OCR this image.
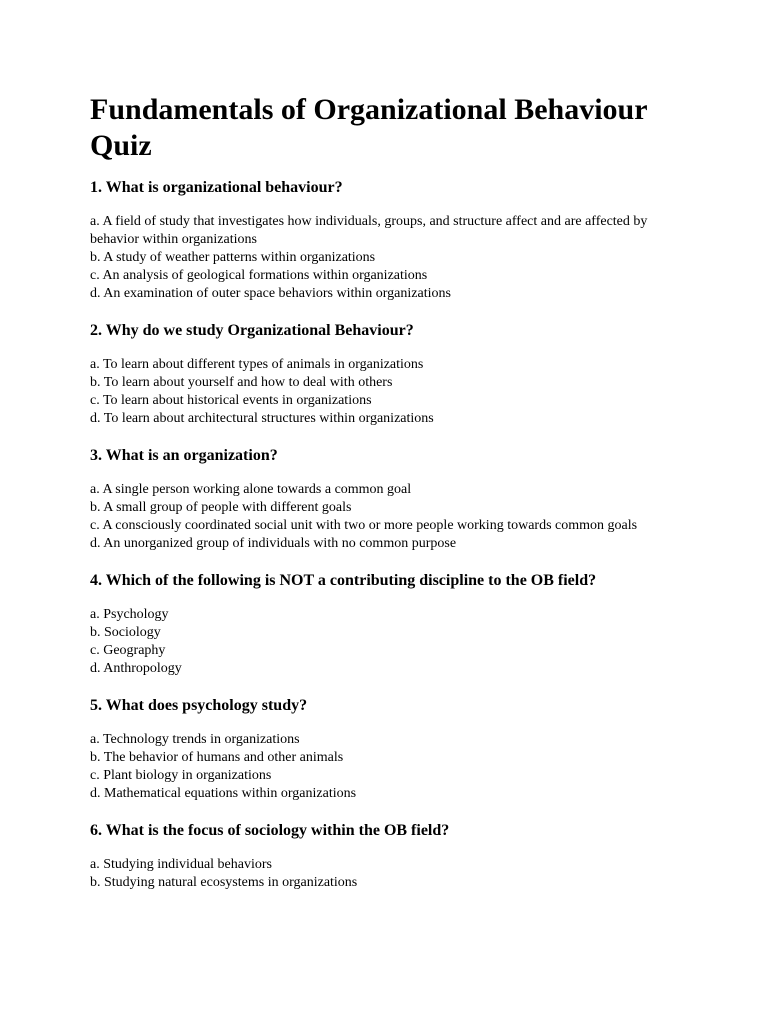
Fundamentals of Organizational Behaviour Quiz
1. What is organizational behaviour?
a. A field of study that investigates how individuals, groups, and structure affect and are affected by behavior within organizations
b. A study of weather patterns within organizations
c. An analysis of geological formations within organizations
d. An examination of outer space behaviors within organizations
2. Why do we study Organizational Behaviour?
a. To learn about different types of animals in organizations
b. To learn about yourself and how to deal with others
c. To learn about historical events in organizations
d. To learn about architectural structures within organizations
3. What is an organization?
a. A single person working alone towards a common goal
b. A small group of people with different goals
c. A consciously coordinated social unit with two or more people working towards common goals
d. An unorganized group of individuals with no common purpose
4. Which of the following is NOT a contributing discipline to the OB field?
a. Psychology
b. Sociology
c. Geography
d. Anthropology
5. What does psychology study?
a. Technology trends in organizations
b. The behavior of humans and other animals
c. Plant biology in organizations
d. Mathematical equations within organizations
6. What is the focus of sociology within the OB field?
a. Studying individual behaviors
b. Studying natural ecosystems in organizations
